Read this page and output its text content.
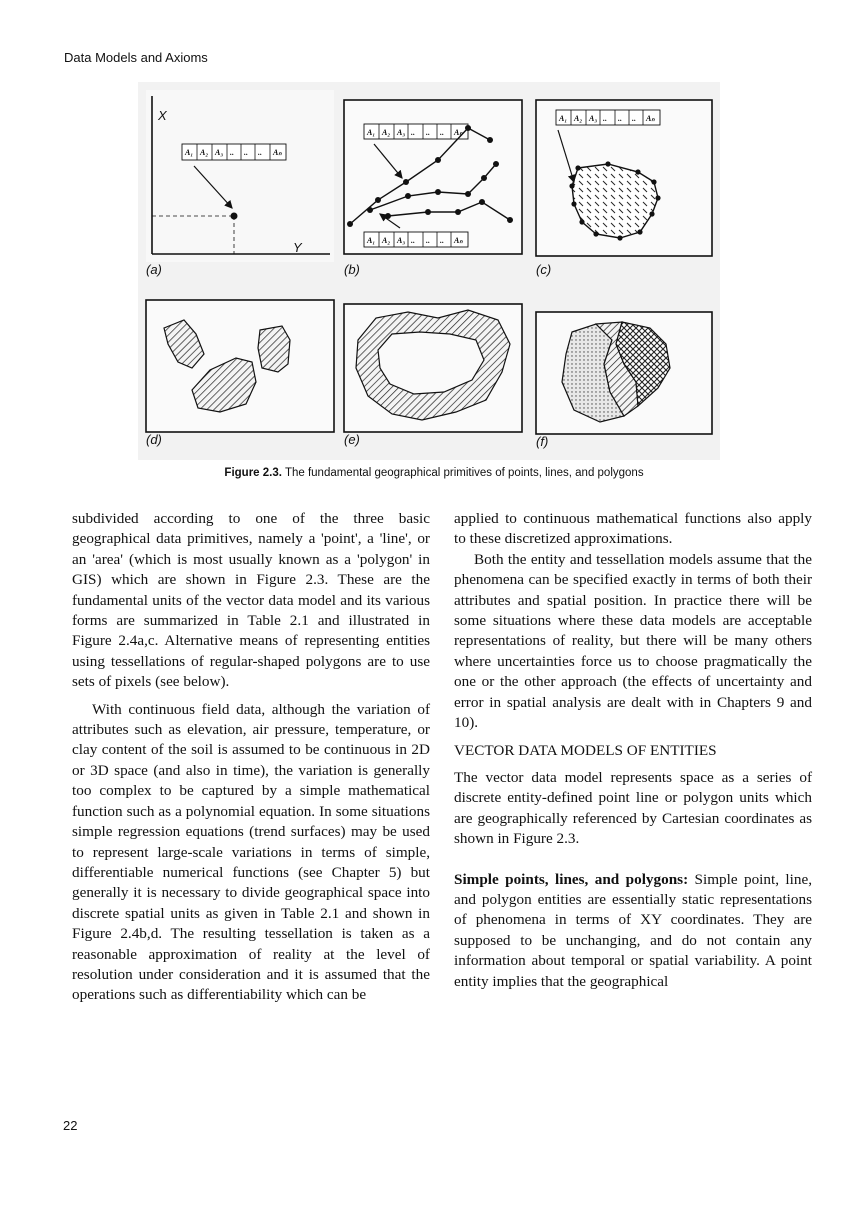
Data Models and Axioms
X
Y
A₁ A₂ A₃ .. .. .. Aₙ
(a)
A₁ A₂ A₃ .. .. .. Aₙ
A₁ A₂ A₃ .. .. .. Aₙ
(b)
A₁ A₂ A₃ .. .. .. Aₙ
(c)
(d)	(e)	(f)
Figure 2.3. The fundamental geographical primitives of points, lines, and polygons

subdivided according to one of the three basic geographical data primitives, namely a 'point', a 'line', or an 'area' (which is most usually known as a 'polygon' in GIS) which are shown in Figure 2.3. These are the fundamental units of the vector data model and its various forms are summarized in Table 2.1 and illustrated in Figure 2.4a,c. Alternative means of representing entities using tessellations of regular-shaped polygons are to use sets of pixels (see below).

With continuous field data, although the variation of attributes such as elevation, air pressure, temperature, or clay content of the soil is assumed to be continuous in 2D or 3D space (and also in time), the variation is generally too complex to be captured by a simple mathematical function such as a polynomial equation. In some situations simple regression equations (trend surfaces) may be used to represent large-scale variations in terms of simple, differentiable numerical functions (see Chapter 5) but generally it is necessary to divide geographical space into discrete spatial units as given in Table 2.1 and shown in Figure 2.4b,d. The resulting tessellation is taken as a reasonable approximation of reality at the level of resolution under consideration and it is assumed that the operations such as differentiability which can be

applied to continuous mathematical functions also apply to these discretized approximations.

Both the entity and tessellation models assume that the phenomena can be specified exactly in terms of both their attributes and spatial position. In practice there will be some situations where these data models are acceptable representations of reality, but there will be many others where uncertainties force us to choose pragmatically the one or the other approach (the effects of uncertainty and error in spatial analysis are dealt with in Chapters 9 and 10).

VECTOR DATA MODELS OF ENTITIES

The vector data model represents space as a series of discrete entity-defined point line or polygon units which are geographically referenced by Cartesian coordinates as shown in Figure 2.3.

Simple points, lines, and polygons: Simple point, line, and polygon entities are essentially static representations of phenomena in terms of XY coordinates. They are supposed to be unchanging, and do not contain any information about temporal or spatial variability. A point entity implies that the geographical

22
